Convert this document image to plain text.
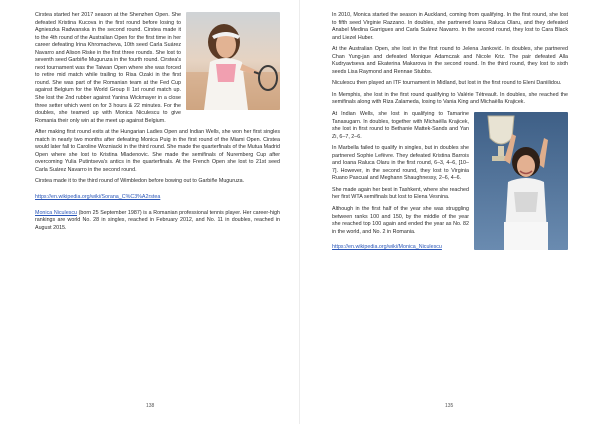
Cirstea started her 2017 season at the Shenzhen Open. She defeated Kristina Kucova in the first round before losing to Agnieszka Radwanska in the second round. Cirstea made it to the 4th round of the Australian Open for the first time in her career defeating Irina Khromacheva, 10th seed Carla Suárez Navarro and Alison Riske in the first three rounds. She lost to seventh seed Garbiñe Muguruza in the fourth round. Cirstea's next tournament was the Taiwan Open where she was forced to retire mid match while trailing to Risa Ozaki in the first round. She was part of the Romanian team at the Fed Cup against Belgium for the World Group II 1st round match up. She lost the 2nd rubber against Yanina Wickmayer in a close three setter which went on for 3 hours & 22 minutes. For the doubles, she teamed up with Monica Niculescu to give Romania their only win at the meet up against Belgium.

After making first round exits at the Hungarian Ladies Open and Indian Wells, she won her first singles match in nearly two months after defeating Monica Puig in the first round of the Miami Open. Cirstea would later fall to Caroline Wozniacki in the third round. She made the quarterfinals of the Mutua Madrid Open where she lost to Kristina Mladenovic. She made the semifinals of Nuremberg Cup after overcoming Yulia Putintseva's antics in the quarterfinals. At the French Open she lost to 21st seed Carla Suárez Navarro in the second round.

Cirstea made it to the third round of Wimbledon before bowing out to Garbiñe Muguruza.

https://en.wikipedia.org/wiki/Sorana_C%C3%A2rstea

Monica Niculescu (born 25 September 1987) is a Romanian professional tennis player. Her career-high rankings are world No. 28 in singles, reached in February 2012, and No. 11 in doubles, reached in August 2015.

138

In 2010, Monica started the season in Auckland, coming from qualifying. In the first round, she lost to fifth seed Virginie Razzano. In doubles, she partnered Ioana Raluca Olaru, and they defeated Anabel Medina Garrigues and Carla Suárez Navarro. In the second round, they lost to Cara Black and Liezel Huber.

At the Australian Open, she lost in the first round to Jelena Janković. In doubles, she partnered Chan Yung-jan and defeated Monique Adamczak and Nicole Kriz. The pair defeated Alla Kudryavtseva and Ekaterina Makarova in the second round. In the third round, they lost to sixth seeds Lisa Raymond and Rennae Stubbs.

Niculescu then played an ITF tournament in Midland, but lost in the first round to Eleni Daniilidou.

In Memphis, she lost in the first round qualifying to Valérie Tétreault. In doubles, she reached the semifinals along with Riza Zalameda, losing to Vania King and Michaëlla Krajicek.

At Indian Wells, she lost in qualifying to Tamarine Tanasugarn. In doubles, together with Michaëlla Krajicek, she lost in first round to Bethanie Mattek-Sands and Yan Zi, 6–7, 2–6.

In Marbella failed to qualify in singles, but in doubles she partnered Sophie Lefèvre. They defeated Kristina Barrois and Ioana Raluca Olaru in the first round, 6–3, 4–6, [10–7]. However, in the second round, they lost to Virginia Ruano Pascual and Meghann Shaughnessy, 2–6, 4–6.

She made again her best in Tashkent, where she reached her first WTA semifinals but lost to Elena Vesnina.

Although in the first half of the year she was struggling between ranks 100 and 150, by the middle of the year she reached top 100 again and ended the year as No. 82 in the world, and No. 2 in Romania.

https://en.wikipedia.org/wiki/Monica_Niculescu

135
